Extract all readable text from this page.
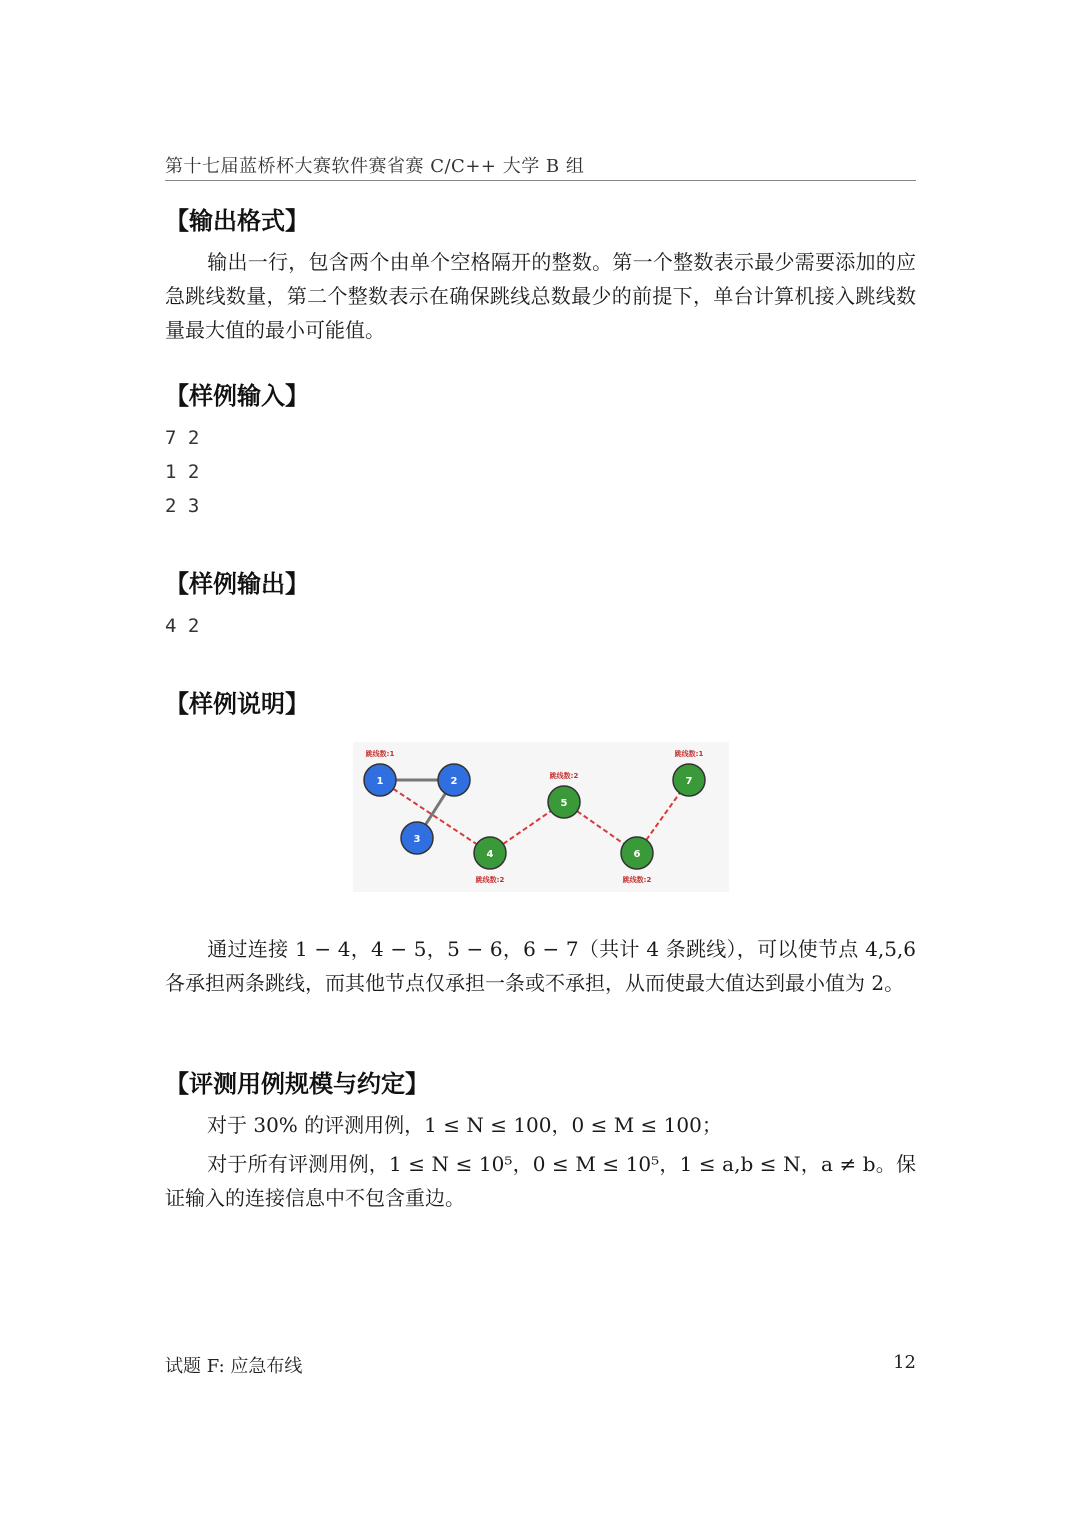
第十七届蓝桥杯大赛软件赛省赛 C/C++ 大学 B 组
【输出格式】
输出一行，包含两个由单个空格隔开的整数。第一个整数表示最少需要添加的应急跳线数量，第二个整数表示在确保跳线总数最少的前提下，单台计算机接入跳线数量最大值的最小可能值。
【样例输入】
7 2
1 2
2 3
【样例输出】
4 2
【样例说明】
1
跳线数:1
2
3
4
跳线数:2
5
跳线数:2
6
跳线数:2
7
跳线数:1
通过连接 1 − 4，4 − 5，5 − 6，6 − 7（共计 4 条跳线），可以使节点 4,5,6 各承担两条跳线，而其他节点仅承担一条或不承担，从而使最大值达到最小值为 2。
【评测用例规模与约定】
对于 30% 的评测用例，1 ≤ N ≤ 100，0 ≤ M ≤ 100；
对于所有评测用例，1 ≤ N ≤ 10⁵，0 ≤ M ≤ 10⁵，1 ≤ a,b ≤ N，a ≠ b。保证输入的连接信息中不包含重边。
试题 F: 应急布线	12
